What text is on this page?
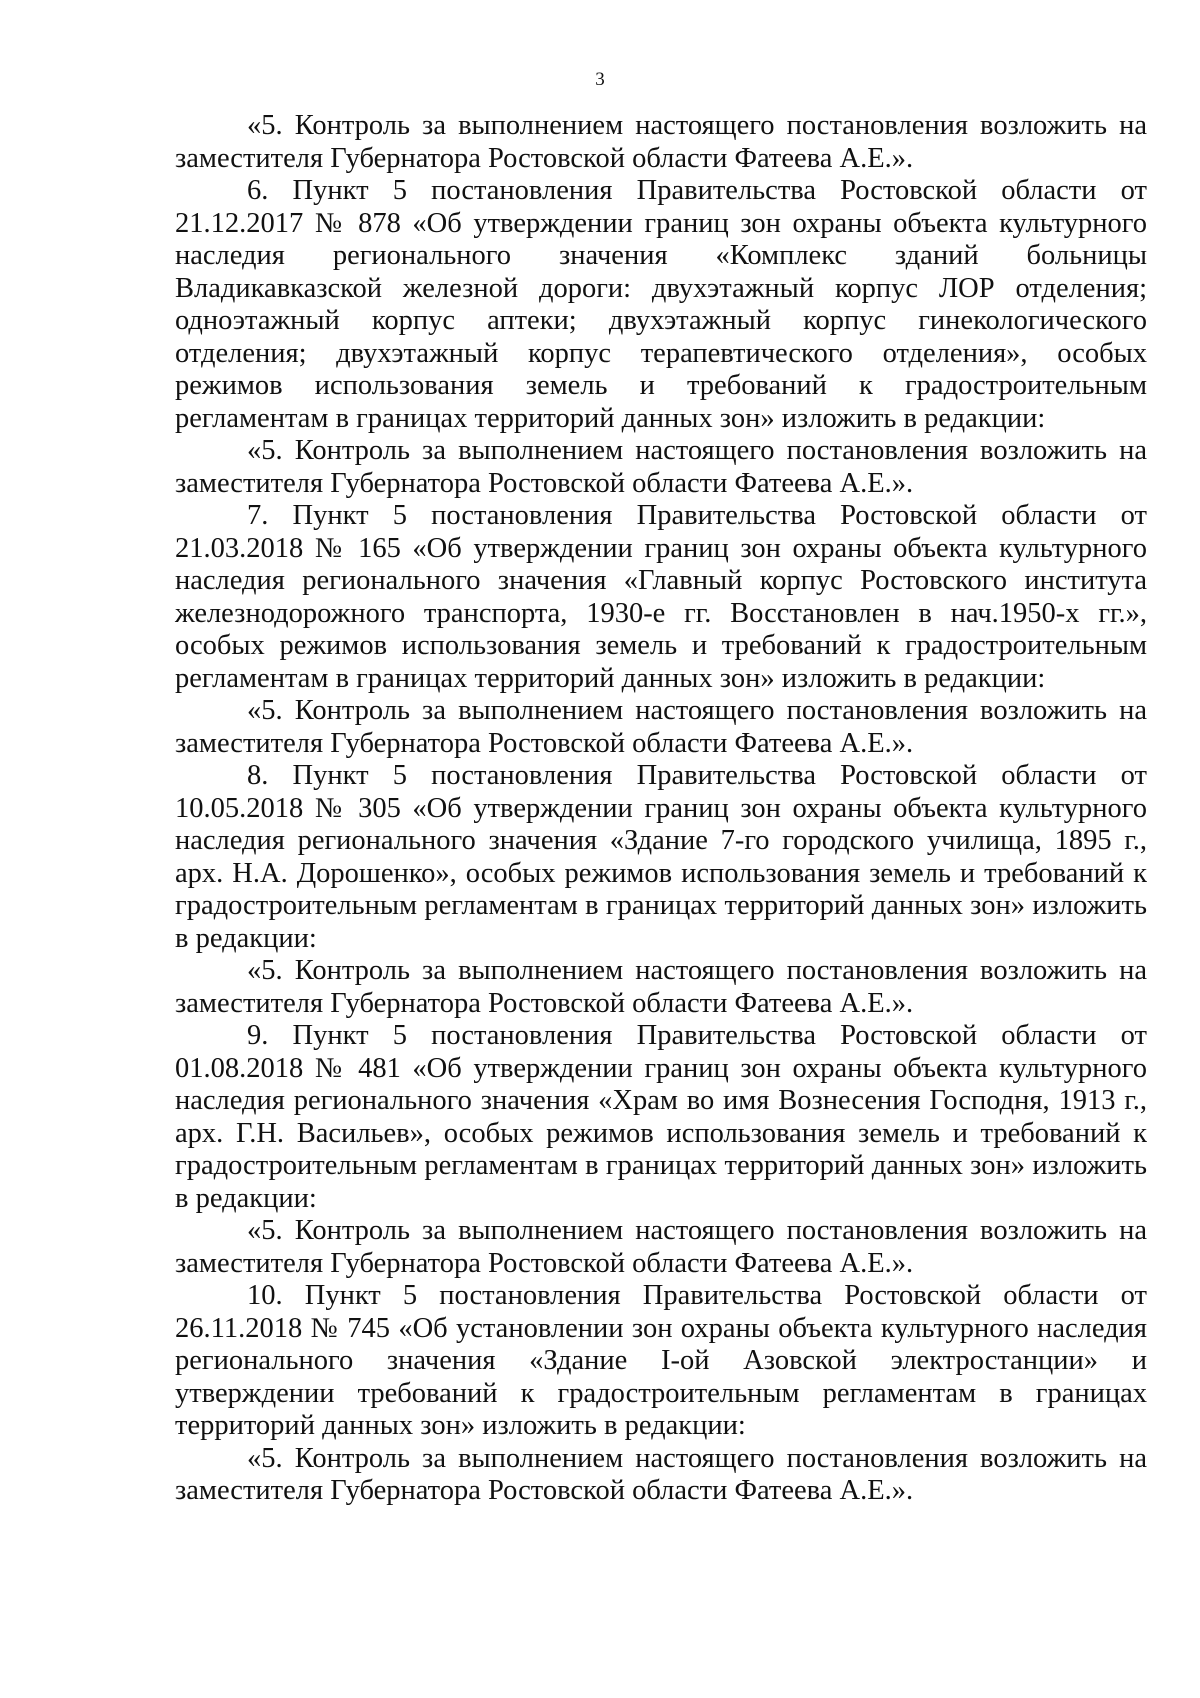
3

«5. Контроль за выполнением настоящего постановления возложить на заместителя Губернатора Ростовской области Фатеева А.Е.».

6. Пункт 5 постановления Правительства Ростовской области от 21.12.2017 № 878 «Об утверждении границ зон охраны объекта культурного наследия регионального значения «Комплекс зданий больницы Владикавказской железной дороги: двухэтажный корпус ЛОР отделения; одноэтажный корпус аптеки; двухэтажный корпус гинекологического отделения; двухэтажный корпус терапевтического отделения», особых режимов использования земель и требований к градостроительным регламентам в границах территорий данных зон» изложить в редакции:

«5. Контроль за выполнением настоящего постановления возложить на заместителя Губернатора Ростовской области Фатеева А.Е.».

7. Пункт 5 постановления Правительства Ростовской области от 21.03.2018 № 165 «Об утверждении границ зон охраны объекта культурного наследия регионального значения «Главный корпус Ростовского института железнодорожного транспорта, 1930-е гг. Восстановлен в нач.1950-х гг.», особых режимов использования земель и требований к градостроительным регламентам в границах территорий данных зон» изложить в редакции:

«5. Контроль за выполнением настоящего постановления возложить на заместителя Губернатора Ростовской области Фатеева А.Е.».

8. Пункт 5 постановления Правительства Ростовской области от 10.05.2018 № 305 «Об утверждении границ зон охраны объекта культурного наследия регионального значения «Здание 7-го городского училища, 1895 г., арх. Н.А. Дорошенко», особых режимов использования земель и требований к градостроительным регламентам в границах территорий данных зон» изложить в редакции:

«5. Контроль за выполнением настоящего постановления возложить на заместителя Губернатора Ростовской области Фатеева А.Е.».

9. Пункт 5 постановления Правительства Ростовской области от 01.08.2018 № 481 «Об утверждении границ зон охраны объекта культурного наследия регионального значения «Храм во имя Вознесения Господня, 1913 г., арх. Г.Н. Васильев», особых режимов использования земель и требований к градостроительным регламентам в границах территорий данных зон» изложить в редакции:

«5. Контроль за выполнением настоящего постановления возложить на заместителя Губернатора Ростовской области Фатеева А.Е.».

10. Пункт 5 постановления Правительства Ростовской области от 26.11.2018 № 745 «Об установлении зон охраны объекта культурного наследия регионального значения «Здание I-ой Азовской электростанции» и утверждении требований к градостроительным регламентам в границах территорий данных зон» изложить в редакции:

«5. Контроль за выполнением настоящего постановления возложить на заместителя Губернатора Ростовской области Фатеева А.Е.».
